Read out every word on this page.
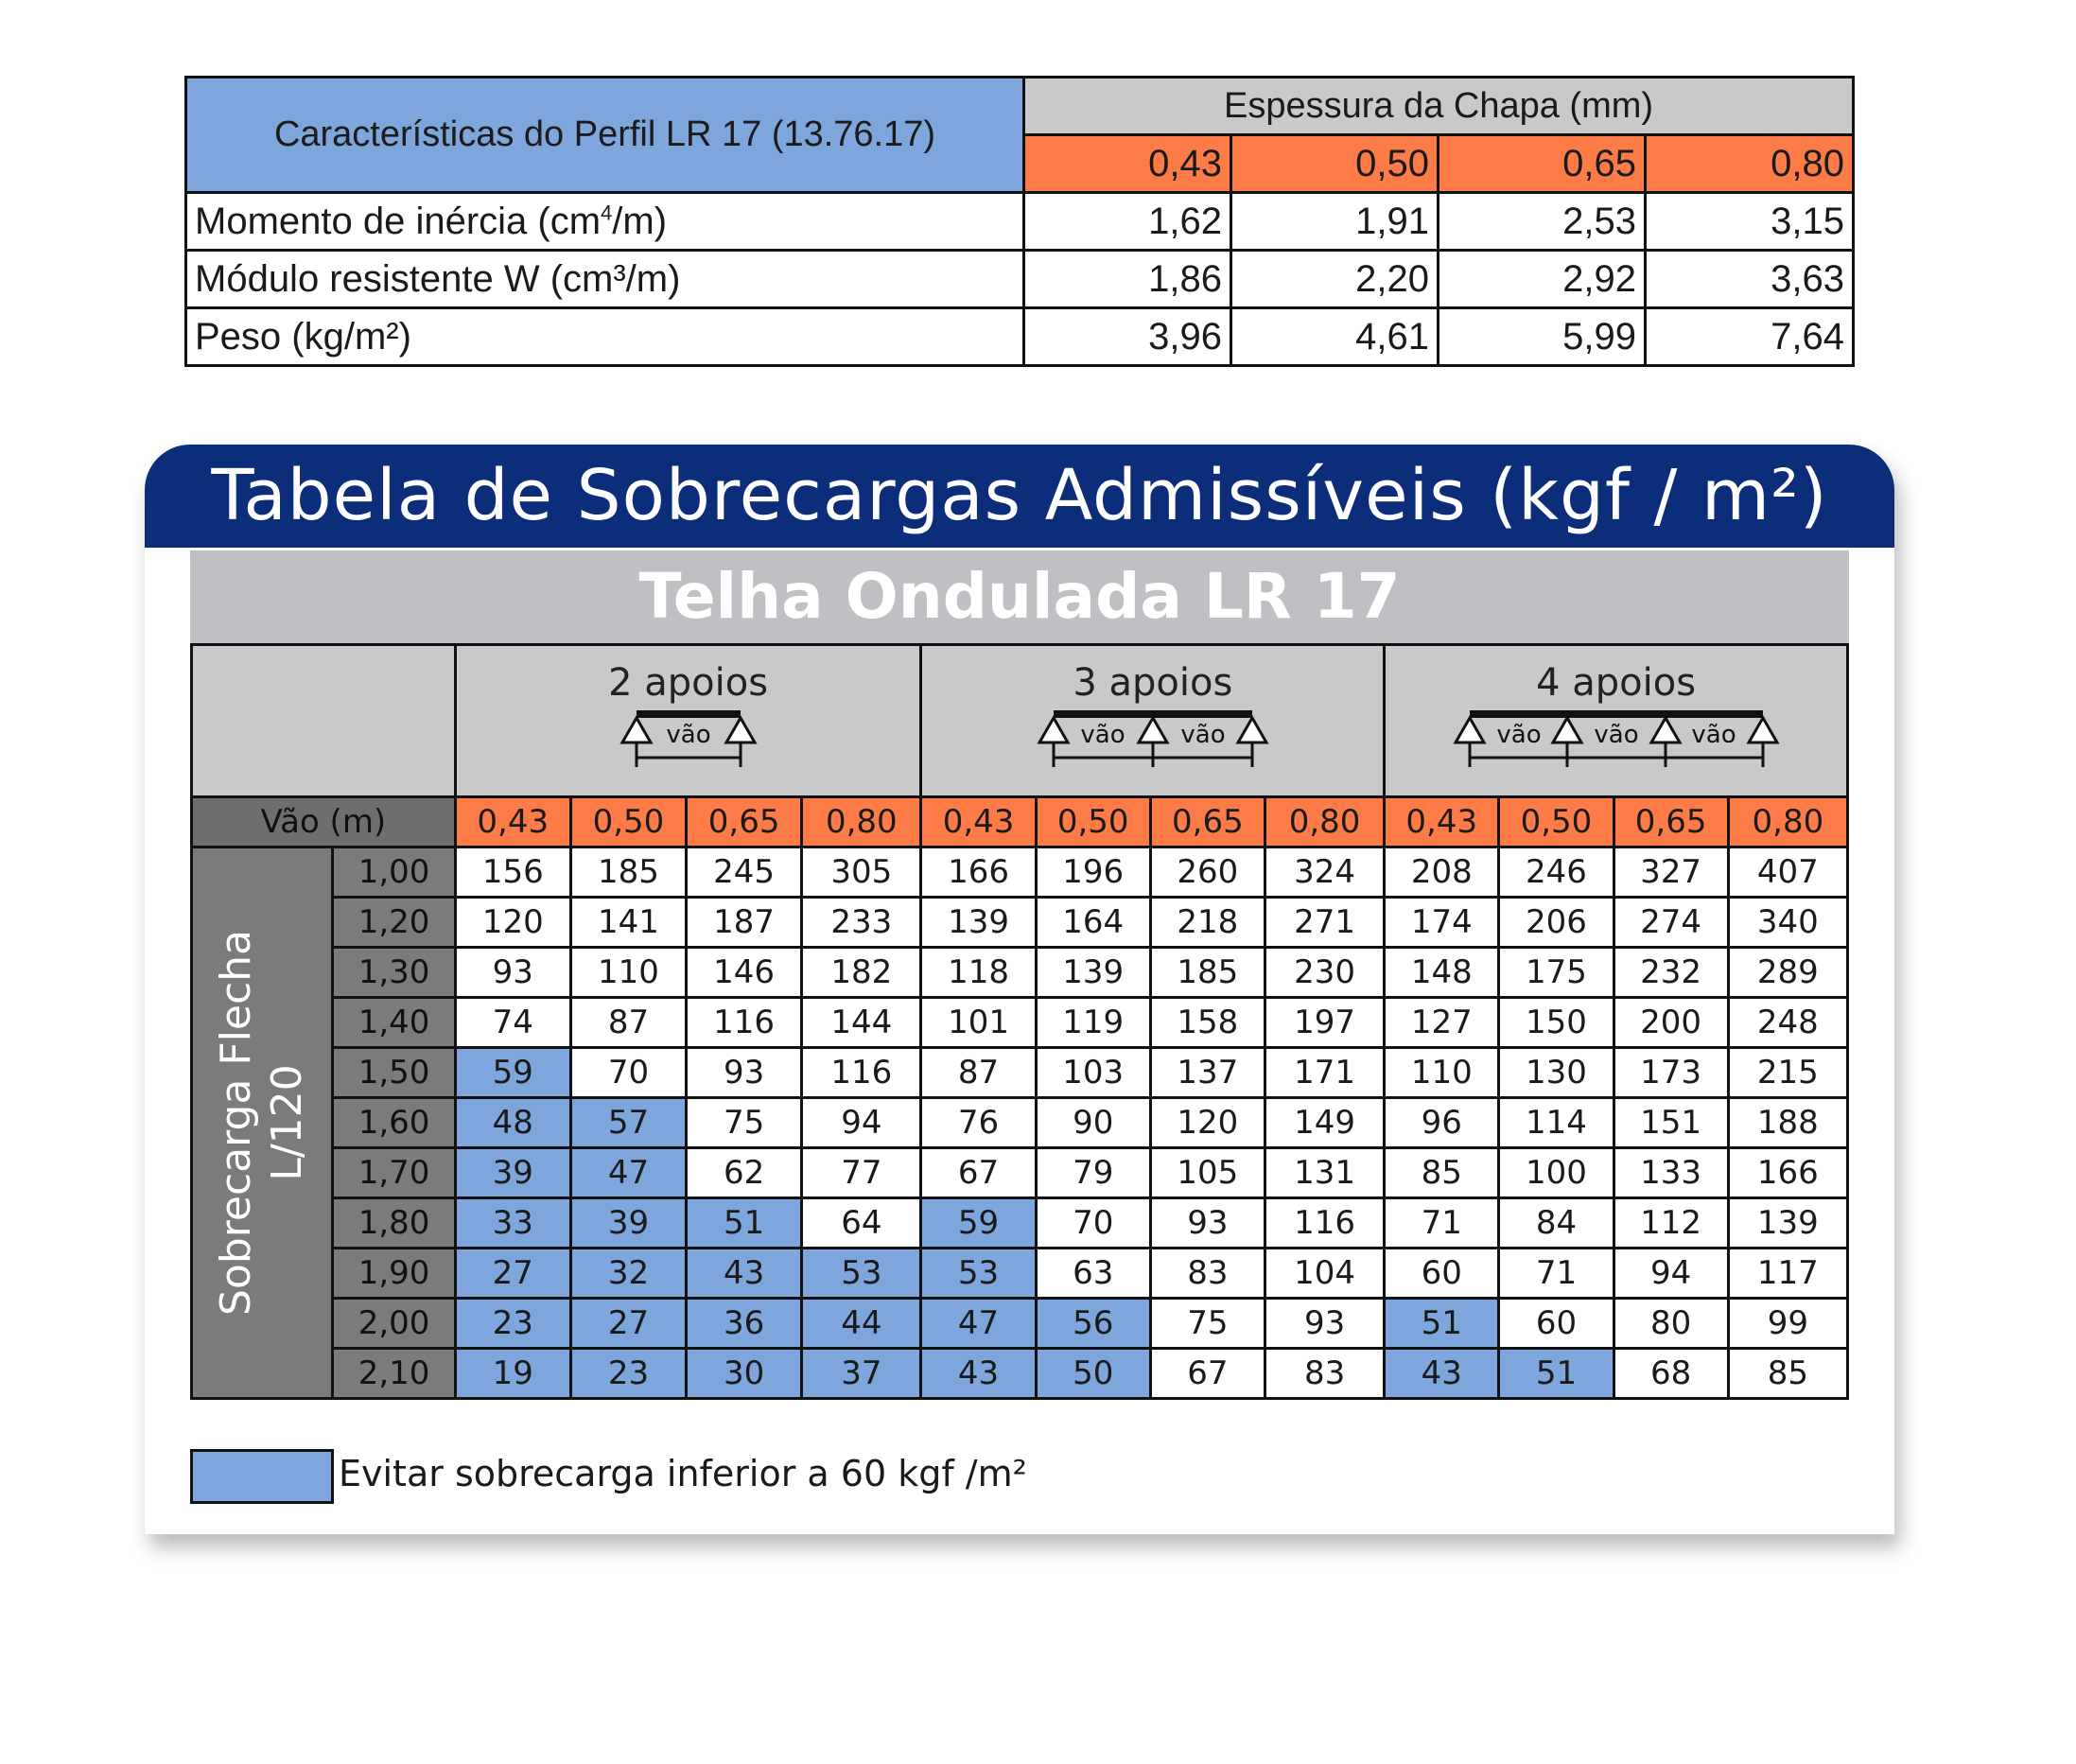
Características do Perfil LR 17 (13.76.17)	Espessura da Chapa (mm)			
	0,43	0,50	0,65	0,80
Momento de inércia $(cm^4/m)$	1,62	1,91	2,53	3,15
Módulo resistente W (cm³/m)	1,86	2,20	2,92	3,63
Peso (kg/m²)	3,96	4,61	5,99	7,64
Tabela de Sobrecargas Admissíveis (kgf / m²)
Telha Ondulada LR 17

		2 apoios
vão				3 apoios
vão vão				4 apoios
vão vão vão			

Vão (m)		0,43	0,50	0,65	0,80	0,43	0,50	0,65	0,80	0,43	0,50	0,65	0,80

Sobrecarga Flecha L/120	1,00	156	185	245	305	166	196	260	324	208	246	327	407
	1,20	120	141	187	233	139	164	218	271	174	206	274	340
	1,30	93	110	146	182	118	139	185	230	148	175	232	289
	1,40	74	87	116	144	101	119	158	197	127	150	200	248
	1,50	59	70	93	116	87	103	137	171	110	130	173	215
	1,60	48	57	75	94	76	90	120	149	96	114	151	188
	1,70	39	47	62	77	67	79	105	131	85	100	133	166
	1,80	33	39	51	64	59	70	93	116	71	84	112	139
	1,90	27	32	43	53	53	63	83	104	60	71	94	117
	2,00	23	27	36	44	47	56	75	93	51	60	80	99
	2,10	19	23	30	37	43	50	67	83	43	51	68	85
Evitar sobrecarga inferior a 60 kgf /m²
